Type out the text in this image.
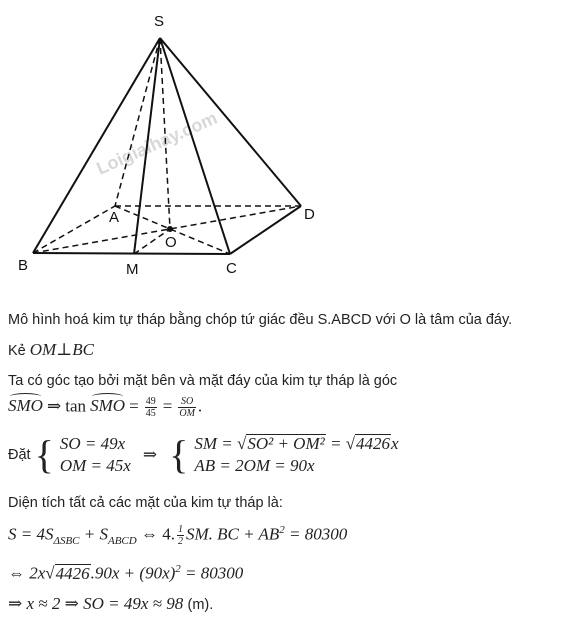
Loigiaihay.com
S
A
B	C
D
M
O
Mô hình hoá kim tự tháp bằng chóp tứ giác đều S.ABCD với O là tâm của đáy.
Kẻ OM⊥BC
Ta có góc tạo bởi mặt bên và mặt đáy của kim tự tháp là góc
SMO ⇒ tan SMO = $\frac{49}{45} = \frac{SO}{OM}$ .
Đặt { SO = 49x
OM = 45x
⇒ { SM = √SO² + OM² = √4426x
AB = 2OM = 90x
Diện tích tất cả các mặt của kim tự tháp là:
$S = 4S_{\Delta SBC} + S_{ABCD}$ ⇔ 4. $\frac{1}{2}$ SM. BC + $AB^2 = 80300$
⇔ $2x√4426.90x + (90x)^2 = 80300$
⇒ x ≈ 2 ⇒ SO = 49x ≈ 98 (m).
